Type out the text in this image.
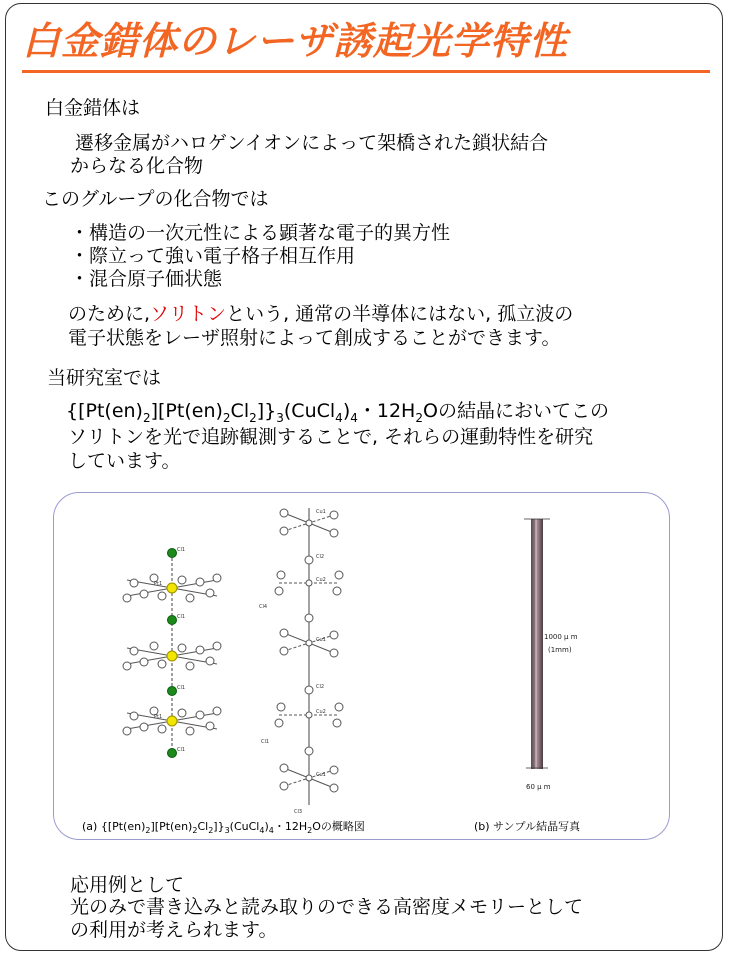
白金錯体のレーザ誘起光学特性
白金錯体は
遷移金属がハロゲンイオンによって架橋された鎖状結合
からなる化合物
このグループの化合物では
・構造の一次元性による顕著な電子的異方性
・際立って強い電子格子相互作用
・混合原子価状態
のために,ソリトンという, 通常の半導体にはない, 孤立波の
電子状態をレーザ照射によって創成することができます。
当研究室では
$\{[Pt(en)_2][Pt(en)_2Cl_2]\}_3(CuCl_4)_4$・$12H_2O$の結晶においてこの
ソリトンを光で追跡観測することで, それらの運動特性を研究
しています。
Cl1
Pt1
Cl1
Cl1
Pt1
Cl1
Cu1
Cl2
Cu2
Cl4
Cu1
Cl2
Cu2
Cl1
Cu1
Cl3
1000 μ m
(1mm)
60 μ m
(a) $\{[Pt(en)_2][Pt(en)_2Cl_2]\}_3(CuCl_4)_4$・$12H_2O$の概略図	(b) サンプル結晶写真
応用例として
光のみで書き込みと読み取りのできる高密度メモリーとして
の利用が考えられます。
